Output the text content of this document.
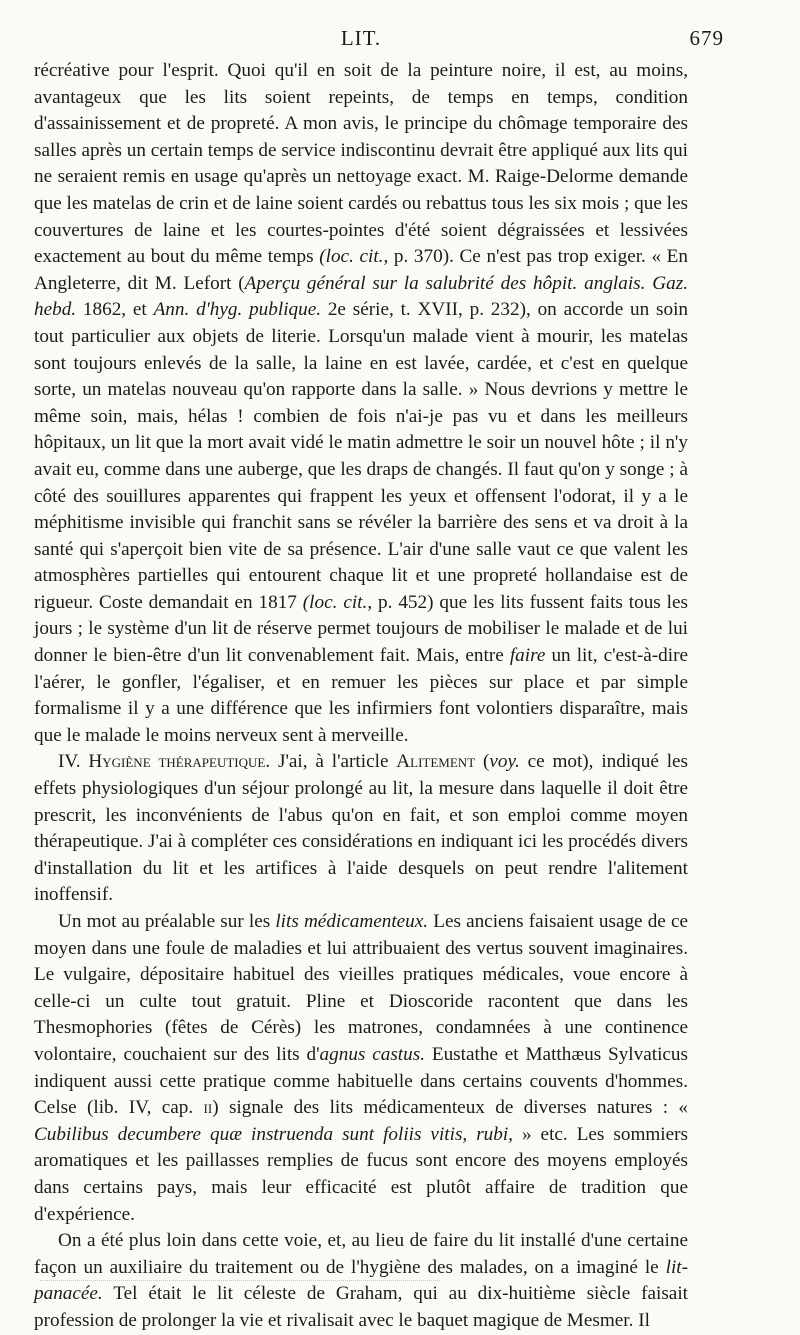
LIT.	679

récréative pour l'esprit. Quoi qu'il en soit de la peinture noire, il est, au moins, avantageux que les lits soient repeints, de temps en temps, condition d'assainissement et de propreté. A mon avis, le principe du chômage temporaire des salles après un certain temps de service indiscontinu devrait être appliqué aux lits qui ne seraient remis en usage qu'après un nettoyage exact. M. Raige-Delorme demande que les matelas de crin et de laine soient cardés ou rebattus tous les six mois ; que les couvertures de laine et les courtes-pointes d'été soient dégraissées et lessivées exactement au bout du même temps (loc. cit., p. 370). Ce n'est pas trop exiger. « En Angleterre, dit M. Lefort (Aperçu général sur la salubrité des hôpit. anglais. Gaz. hebd. 1862, et Ann. d'hyg. publique. 2e série, t. XVII, p. 232), on accorde un soin tout particulier aux objets de literie. Lorsqu'un malade vient à mourir, les matelas sont toujours enlevés de la salle, la laine en est lavée, cardée, et c'est en quelque sorte, un matelas nouveau qu'on rapporte dans la salle. » Nous devrions y mettre le même soin, mais, hélas ! combien de fois n'ai-je pas vu et dans les meilleurs hôpitaux, un lit que la mort avait vidé le matin admettre le soir un nouvel hôte ; il n'y avait eu, comme dans une auberge, que les draps de changés. Il faut qu'on y songe ; à côté des souillures apparentes qui frappent les yeux et offensent l'odorat, il y a le méphitisme invisible qui franchit sans se révéler la barrière des sens et va droit à la santé qui s'aperçoit bien vite de sa présence. L'air d'une salle vaut ce que valent les atmosphères partielles qui entourent chaque lit et une propreté hollandaise est de rigueur. Coste demandait en 1817 (loc. cit., p. 452) que les lits fussent faits tous les jours ; le système d'un lit de réserve permet toujours de mobiliser le malade et de lui donner le bien-être d'un lit convenablement fait. Mais, entre faire un lit, c'est-à-dire l'aérer, le gonfler, l'égaliser, et en remuer les pièces sur place et par simple formalisme il y a une différence que les infirmiers font volontiers disparaître, mais que le malade le moins nerveux sent à merveille.

IV. Hygiène thérapeutique. J'ai, à l'article Alitement (voy. ce mot), indiqué les effets physiologiques d'un séjour prolongé au lit, la mesure dans laquelle il doit être prescrit, les inconvénients de l'abus qu'on en fait, et son emploi comme moyen thérapeutique. J'ai à compléter ces considérations en indiquant ici les procédés divers d'installation du lit et les artifices à l'aide desquels on peut rendre l'alitement inoffensif.

Un mot au préalable sur les lits médicamenteux. Les anciens faisaient usage de ce moyen dans une foule de maladies et lui attribuaient des vertus souvent imaginaires. Le vulgaire, dépositaire habituel des vieilles pratiques médicales, voue encore à celle-ci un culte tout gratuit. Pline et Dioscoride racontent que dans les Thesmophories (fêtes de Cérès) les matrones, condamnées à une continence volontaire, couchaient sur des lits d'agnus castus. Eustathe et Matthæus Sylvaticus indiquent aussi cette pratique comme habituelle dans certains couvents d'hommes. Celse (lib. IV, cap. ii) signale des lits médicamenteux de diverses natures : « Cubilibus decumbere quæ instruenda sunt foliis vitis, rubi, » etc. Les sommiers aromatiques et les paillasses remplies de fucus sont encore des moyens employés dans certains pays, mais leur efficacité est plutôt affaire de tradition que d'expérience.

On a été plus loin dans cette voie, et, au lieu de faire du lit installé d'une certaine façon un auxiliaire du traitement ou de l'hygiène des malades, on a imaginé le lit-panacée. Tel était le lit céleste de Graham, qui au dix-huitième siècle faisait profession de prolonger la vie et rivalisait avec le baquet magique de Mesmer. Il
